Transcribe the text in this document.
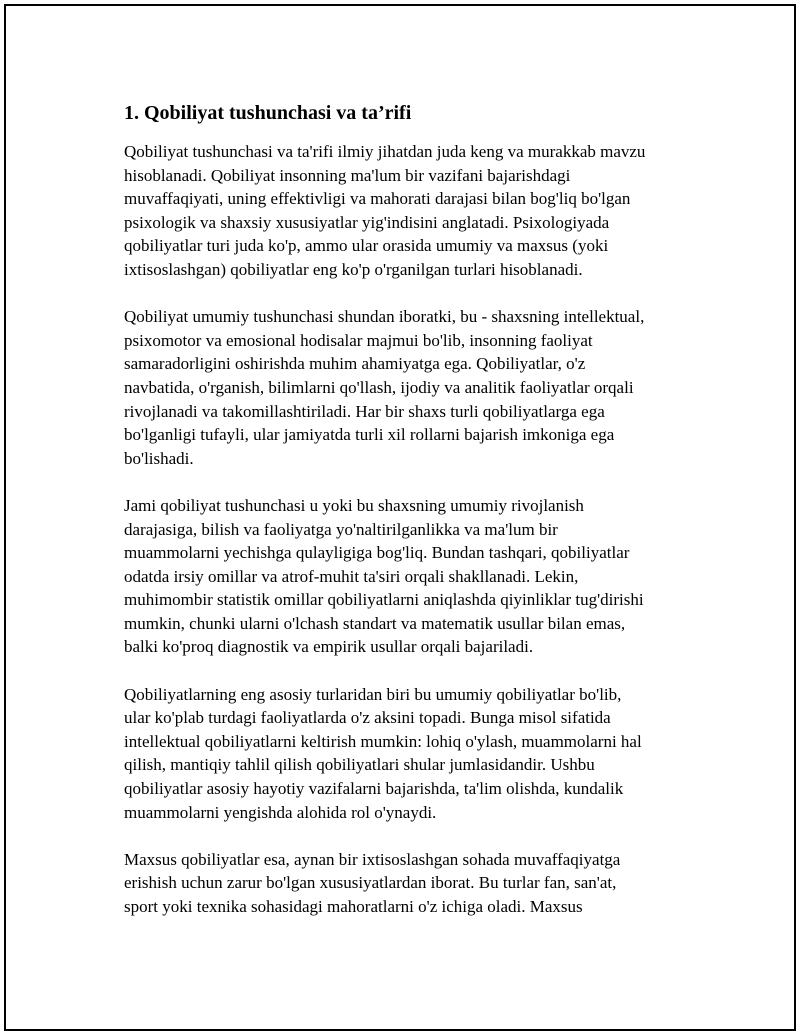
1. Qobiliyat tushunchasi va ta’rifi

Qobiliyat tushunchasi va ta'rifi ilmiy jihatdan juda keng va murakkab mavzu
hisoblanadi. Qobiliyat insonning ma'lum bir vazifani bajarishdagi
muvaffaqiyati, uning effektivligi va mahorati darajasi bilan bog'liq bo'lgan
psixologik va shaxsiy xususiyatlar yig'indisini anglatadi. Psixologiyada
qobiliyatlar turi juda ko'p, ammo ular orasida umumiy va maxsus (yoki
ixtisoslashgan) qobiliyatlar eng ko'p o'rganilgan turlari hisoblanadi.

Qobiliyat umumiy tushunchasi shundan iboratki, bu - shaxsning intellektual,
psixomotor va emosional hodisalar majmui bo'lib, insonning faoliyat
samaradorligini oshirishda muhim ahamiyatga ega. Qobiliyatlar, o'z
navbatida, o'rganish, bilimlarni qo'llash, ijodiy va analitik faoliyatlar orqali
rivojlanadi va takomillashtiriladi. Har bir shaxs turli qobiliyatlarga ega
bo'lganligi tufayli, ular jamiyatda turli xil rollarni bajarish imkoniga ega
bo'lishadi.

Jami qobiliyat tushunchasi u yoki bu shaxsning umumiy rivojlanish
darajasiga, bilish va faoliyatga yo'naltirilganlikka va ma'lum bir
muammolarni yechishga qulayligiga bog'liq. Bundan tashqari, qobiliyatlar
odatda irsiy omillar va atrof-muhit ta'siri orqali shakllanadi. Lekin,
muhimombir statistik omillar qobiliyatlarni aniqlashda qiyinliklar tug'dirishi
mumkin, chunki ularni o'lchash standart va matematik usullar bilan emas,
balki ko'proq diagnostik va empirik usullar orqali bajariladi.

Qobiliyatlarning eng asosiy turlaridan biri bu umumiy qobiliyatlar bo'lib,
ular ko'plab turdagi faoliyatlarda o'z aksini topadi. Bunga misol sifatida
intellektual qobiliyatlarni keltirish mumkin: lohiq o'ylash, muammolarni hal
qilish, mantiqiy tahlil qilish qobiliyatlari shular jumlasidandir. Ushbu
qobiliyatlar asosiy hayotiy vazifalarni bajarishda, ta'lim olishda, kundalik
muammolarni yengishda alohida rol o'ynaydi.

Maxsus qobiliyatlar esa, aynan bir ixtisoslashgan sohada muvaffaqiyatga
erishish uchun zarur bo'lgan xususiyatlardan iborat. Bu turlar fan, san'at,
sport yoki texnika sohasidagi mahoratlarni o'z ichiga oladi. Maxsus
